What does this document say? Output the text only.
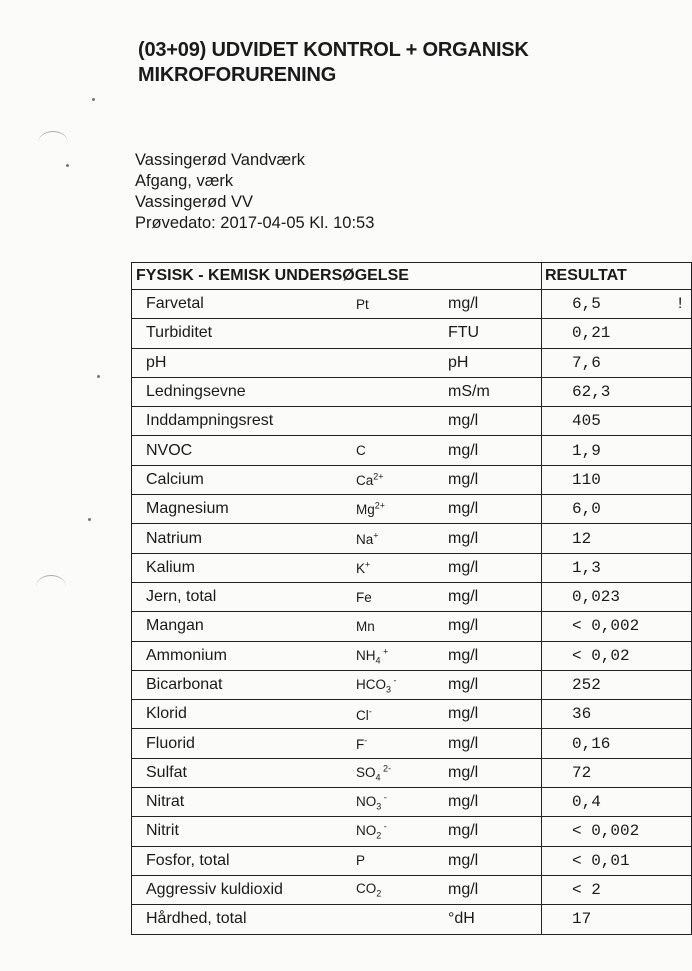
(03+09) UDVIDET KONTROL + ORGANISK
MIKROFORURENING
Vassingerød Vandværk
Afgang, værk
Vassingerød VV
Prøvedato: 2017-04-05 Kl. 10:53
FYSISK - KEMISK UNDERSØGELSE	RESULTAT

Farvetal Pt mg/l	6,5 !

Turbiditet FTU	0,21

pH pH	7,6

Ledningsevne mS/m	62,3

Inddampningsrest mg/l	405

NVOC C mg/l	1,9

Calcium $Ca^{2+}$ mg/l	110

Magnesium $Mg^{2+}$ mg/l	6,0

Natrium Na+ mg/l	12

Kalium K+ mg/l	1,3

Jern, total Fe mg/l	0,023

Mangan Mn mg/l	< 0,002

Ammonium $NH_4$ + mg/l	< 0,02

Bicarbonat $HCO_3$ - mg/l	252

Klorid Cl- mg/l	36

Fluorid F- mg/l	0,16

Sulfat $SO_4$ $^{2-}$ mg/l	72

Nitrat $NO_3$ - mg/l	0,4

Nitrit $NO_2$ - mg/l	< 0,002

Fosfor, total P mg/l	< 0,01

Aggressiv kuldioxid $CO_2$ mg/l	< 2

Hårdhed, total °dH	17
